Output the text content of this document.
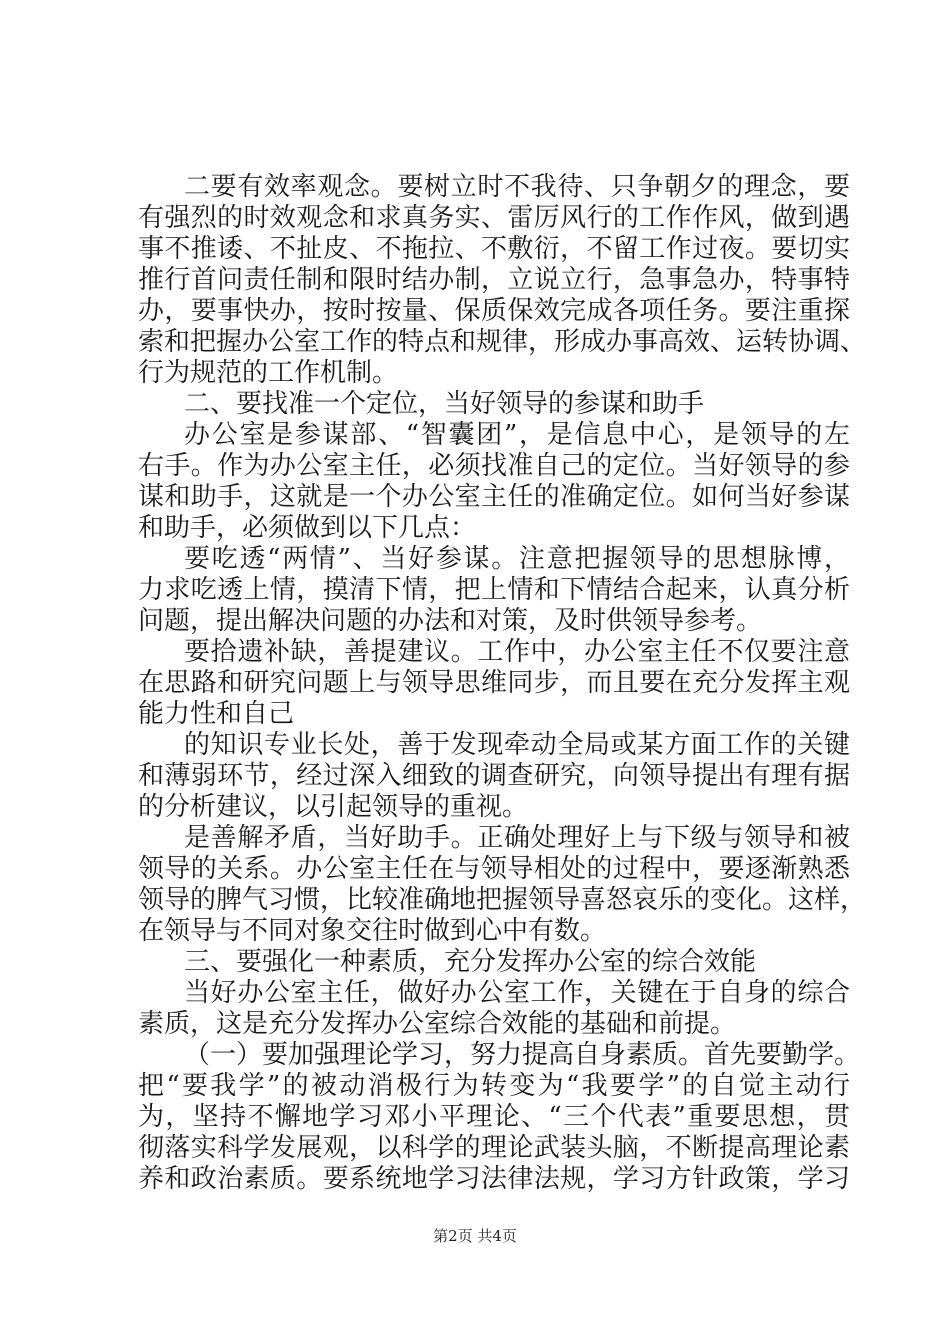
二要有效率观念。要树立时不我待、只争朝夕的理念，要
有强烈的时效观念和求真务实、雷厉风行的工作作风，做到遇
事不推诿、不扯皮、不拖拉、不敷衍，不留工作过夜。要切实
推行首问责任制和限时结办制，立说立行，急事急办，特事特
办，要事快办，按时按量、保质保效完成各项任务。要注重探
索和把握办公室工作的特点和规律，形成办事高效、运转协调、
行为规范的工作机制。
二、要找准一个定位，当好领导的参谋和助手
办公室是参谋部、“智囊团”，是信息中心，是领导的左
右手。作为办公室主任，必须找准自己的定位。当好领导的参
谋和助手，这就是一个办公室主任的准确定位。如何当好参谋
和助手，必须做到以下几点：
要吃透“两情”、当好参谋。注意把握领导的思想脉博，
力求吃透上情，摸清下情，把上情和下情结合起来，认真分析
问题，提出解决问题的办法和对策，及时供领导参考。
要拾遗补缺，善提建议。工作中，办公室主任不仅要注意
在思路和研究问题上与领导思维同步，而且要在充分发挥主观
能力性和自己
的知识专业长处，善于发现牵动全局或某方面工作的关键
和薄弱环节，经过深入细致的调查研究，向领导提出有理有据
的分析建议，以引起领导的重视。
是善解矛盾，当好助手。正确处理好上与下级与领导和被
领导的关系。办公室主任在与领导相处的过程中，要逐渐熟悉
领导的脾气习惯，比较准确地把握领导喜怒哀乐的变化。这样，
在领导与不同对象交往时做到心中有数。
三、要强化一种素质，充分发挥办公室的综合效能
当好办公室主任，做好办公室工作，关键在于自身的综合
素质，这是充分发挥办公室综合效能的基础和前提。
（一）要加强理论学习，努力提高自身素质。首先要勤学。
把“要我学”的被动消极行为转变为“我要学”的自觉主动行
为，坚持不懈地学习邓小平理论、“三个代表”重要思想，贯
彻落实科学发展观，以科学的理论武装头脑，不断提高理论素
养和政治素质。要系统地学习法律法规，学习方针政策，学习
第2页 共4页
